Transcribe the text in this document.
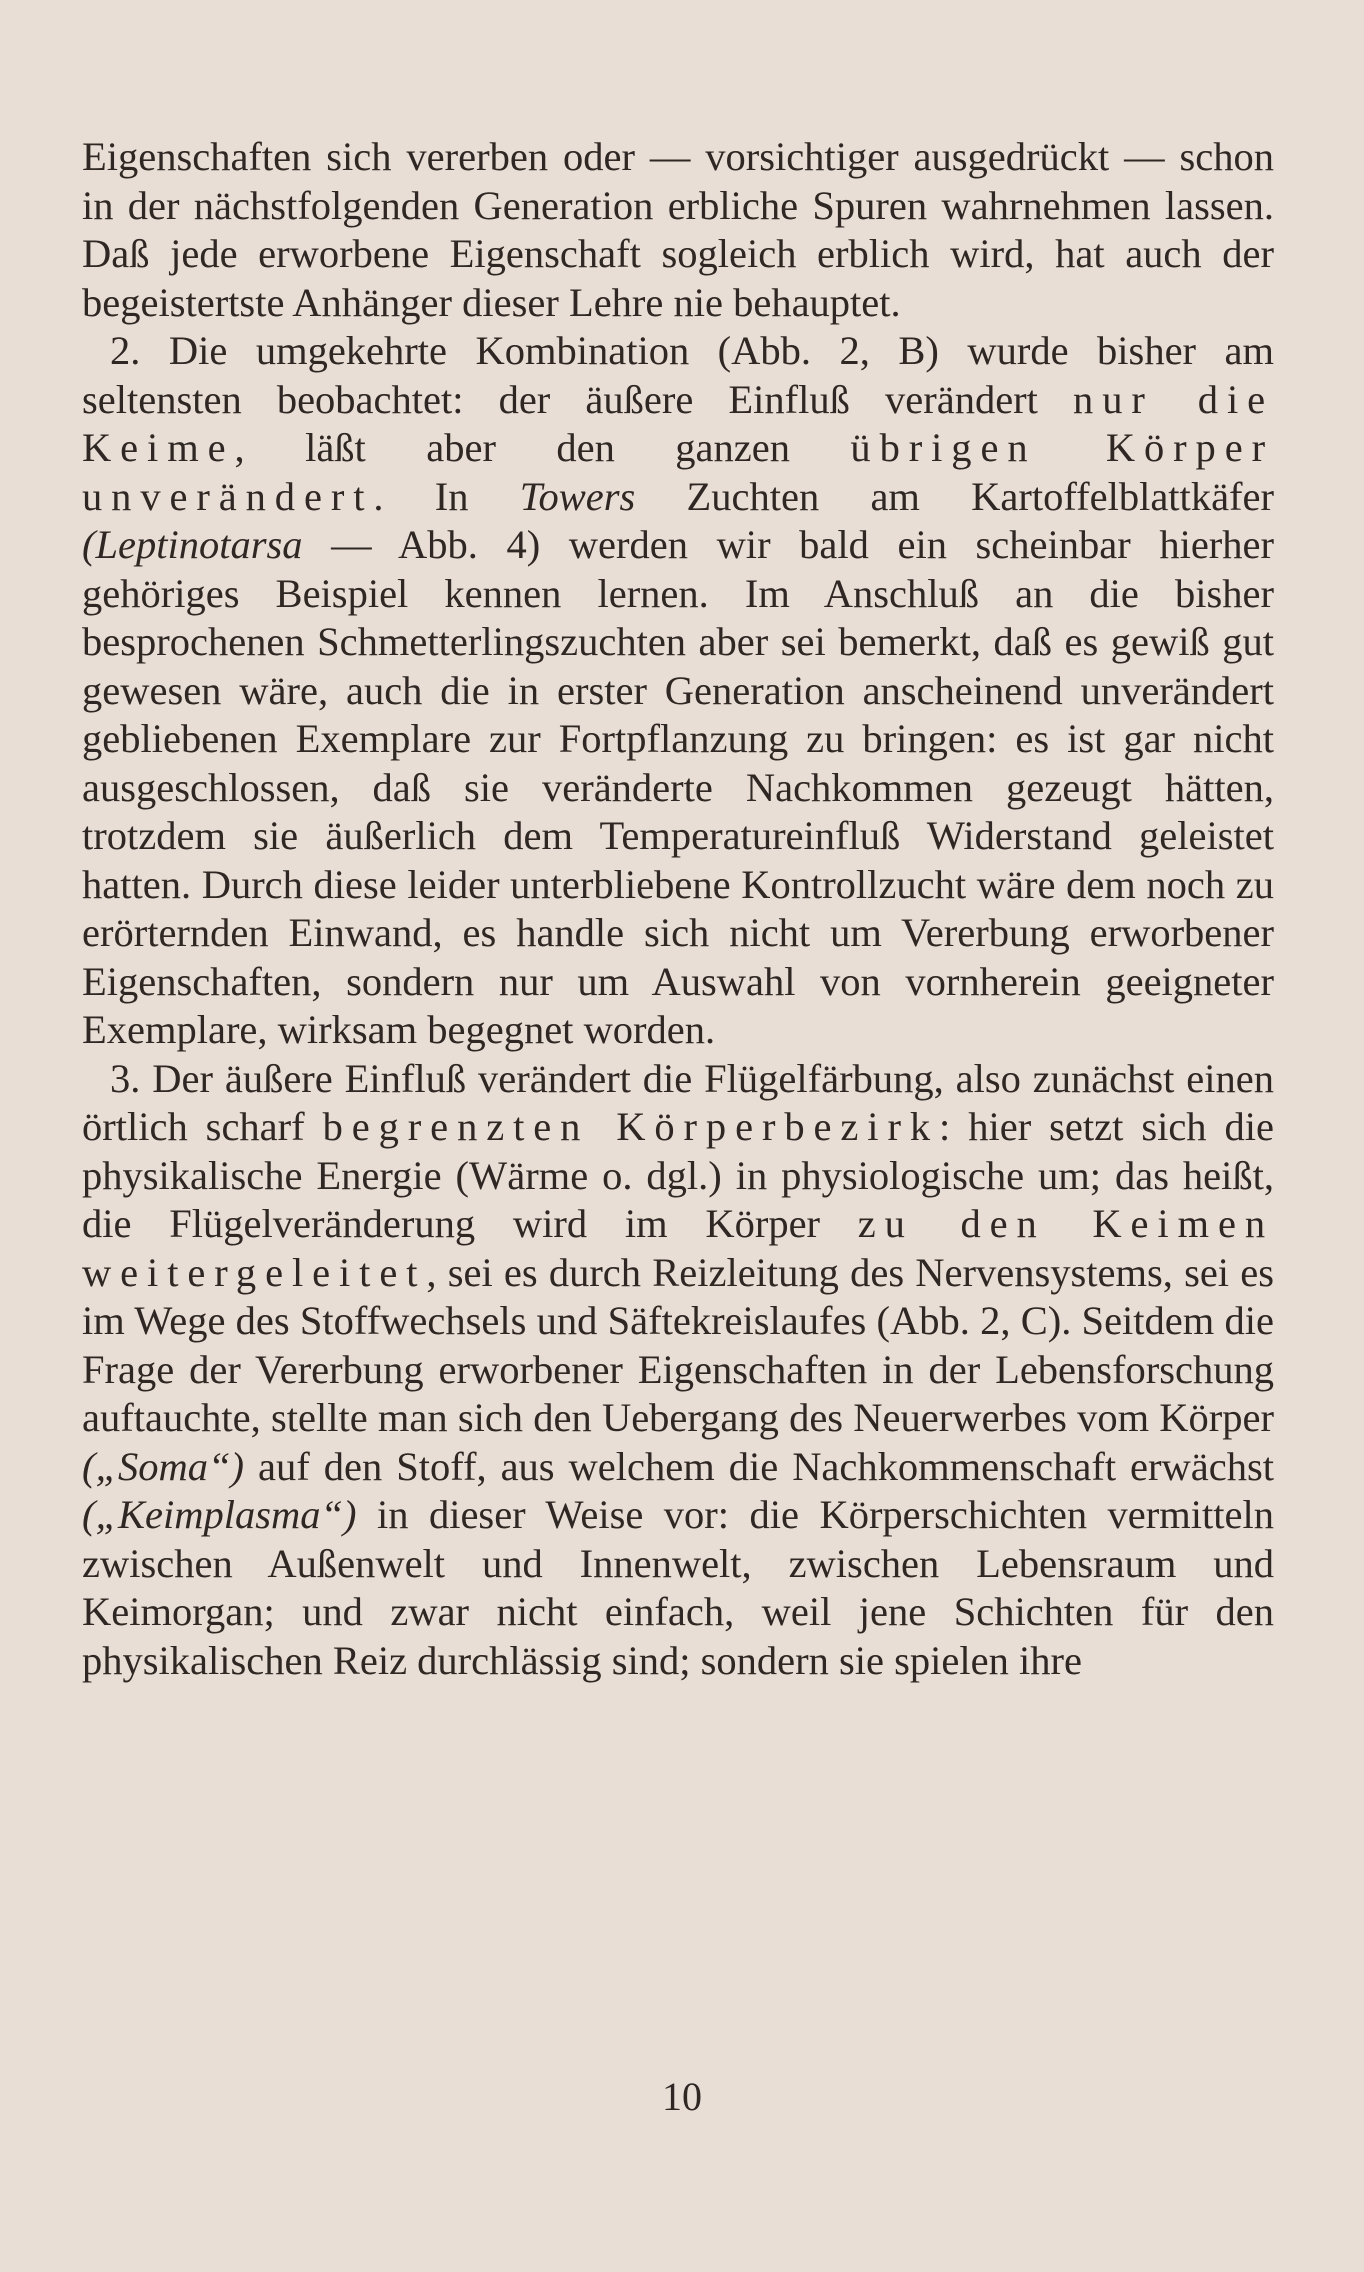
Eigenschaften sich vererben oder — vorsichtiger ausgedrückt — schon in der nächstfolgenden Generation erbliche Spuren wahrnehmen lassen. Daß jede erworbene Eigenschaft sogleich erblich wird, hat auch der begeistertste Anhänger dieser Lehre nie behauptet.

2. Die umgekehrte Kombination (Abb. 2, B) wurde bisher am seltensten beobachtet: der äußere Einfluß verändert nur die Keime, läßt aber den ganzen übrigen Körper unverändert. In Towers Zuchten am Kartoffelblattkäfer (Leptinotarsa — Abb. 4) werden wir bald ein scheinbar hierher gehöriges Beispiel kennen lernen. Im Anschluß an die bisher besprochenen Schmetterlingszuchten aber sei bemerkt, daß es gewiß gut gewesen wäre, auch die in erster Generation anscheinend unverändert gebliebenen Exemplare zur Fortpflanzung zu bringen: es ist gar nicht ausgeschlossen, daß sie veränderte Nachkommen gezeugt hätten, trotzdem sie äußerlich dem Temperatureinfluß Widerstand geleistet hatten. Durch diese leider unterbliebene Kontrollzucht wäre dem noch zu erörternden Einwand, es handle sich nicht um Vererbung erworbener Eigenschaften, sondern nur um Auswahl von vornherein geeigneter Exemplare, wirksam begegnet worden.

3. Der äußere Einfluß verändert die Flügelfärbung, also zunächst einen örtlich scharf begrenzten Körperbezirk: hier setzt sich die physikalische Energie (Wärme o. dgl.) in physiologische um; das heißt, die Flügelveränderung wird im Körper zu den Keimen weitergeleitet, sei es durch Reizleitung des Nervensystems, sei es im Wege des Stoffwechsels und Säftekreislaufes (Abb. 2, C). Seitdem die Frage der Vererbung erworbener Eigenschaften in der Lebensforschung auftauchte, stellte man sich den Uebergang des Neuerwerbes vom Körper („Soma“) auf den Stoff, aus welchem die Nachkommenschaft erwächst („Keimplasma“) in dieser Weise vor: die Körperschichten vermitteln zwischen Außenwelt und Innenwelt, zwischen Lebensraum und Keimorgan; und zwar nicht einfach, weil jene Schichten für den physikalischen Reiz durchlässig sind; sondern sie spielen ihre

10
